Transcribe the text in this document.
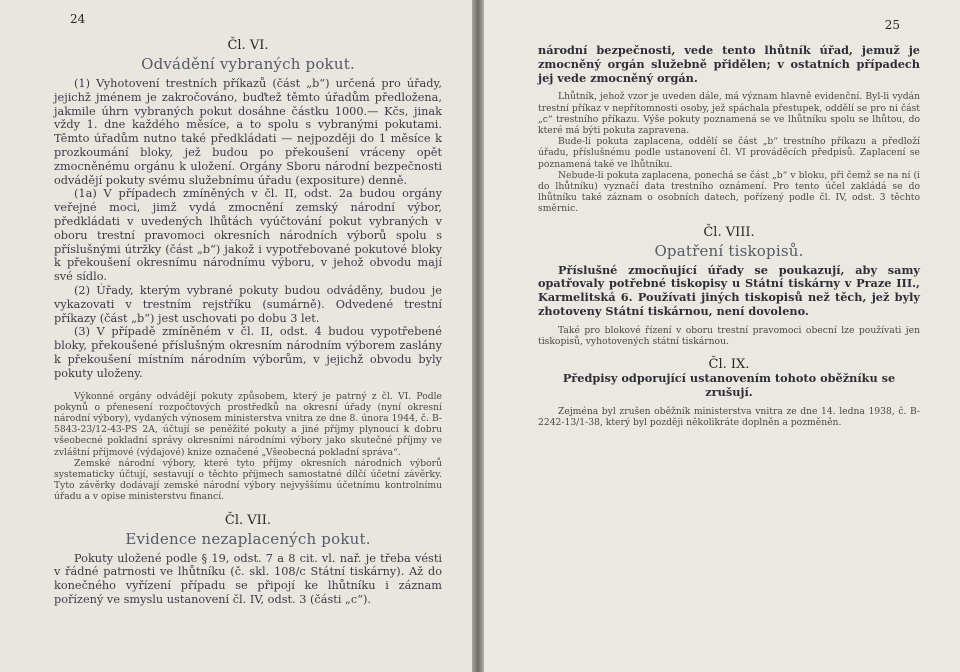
24

Čl. VI.

Odvádění vybraných pokut.

(1) Vyhotovení trestních příkazů (část „b“) určená pro úřady, jejichž jménem je zakročováno, buďtež těmto úřadům předložena, jakmile úhrn vybraných pokut dosáhne částku 1000.— Kčs, jinak vždy 1. dne každého měsíce, a to spolu s vybranými pokutami. Těmto úřadům nutno také předkládati — nejpozději do 1 měsíce k prozkoumání bloky, jež budou po překoušení vráceny opět zmocněnému orgánu k uložení. Orgány Sboru národní bezpečnosti odvádějí pokuty svému služebnímu úřadu (expositure) denně.

(1a) V případech zmíněných v čl. II, odst. 2a budou orgány veřejné moci, jimž vydá zmocnění zemský národní výbor, předkládati v uvedených lhůtách vyúčtování pokut vybraných v oboru trestní pravomoci okresních národních výborů spolu s příslušnými útržky (část „b“) jakož i vypotřebované pokutové bloky k překoušení okresnímu národnímu výboru, v jehož obvodu mají své sídlo.

(2) Úřady, kterým vybrané pokuty budou odváděny, budou je vykazovati v trestním rejstříku (sumárně). Odvedené trestní příkazy (část „b“) jest uschovati po dobu 3 let.

(3) V případě zmíněném v čl. II, odst. 4 budou vypotřebené bloky, překoušené příslušným okresním národním výborem zaslány k překoušení místním národním výborům, v jejichž obvodu byly pokuty uloženy.

Výkonné orgány odvádějí pokuty způsobem, který je patrný z čl. VI. Podle pokynů o přenesení rozpočtových prostředků na okresní úřady (nyní okresní národní výbory), vydaných výnosem ministerstva vnitra ze dne 8. února 1944, č. B-5843-23/12-43-PS 2A, účtují se peněžité pokuty a jiné příjmy plynoucí k dobru všeobecné pokladní správy okresními národními výbory jako skutečné příjmy ve zvláštní příjmové (výdajové) knize označené „Všeobecná pokladní správa“.

Zemské národní výbory, které tyto příjmy okresních národních výborů systematicky účtují, sestavují o těchto příjmech samostatné dílčí účetní závěrky. Tyto závěrky dodávají zemské národní výbory nejvyššímu účetnímu kontrolnímu úřadu a v opise ministerstvu financí.

Čl. VII.

Evidence nezaplacených pokut.

Pokuty uložené podle § 19, odst. 7 a 8 cit. vl. nař. je třeba vésti v řádné patrnosti ve lhůtníku (č. skl. 108/c Státní tiskárny). Až do konečného vyřízení případu se připojí ke lhůtníku i záznam pořízený ve smyslu ustanovení čl. IV, odst. 3 (části „c“).

25

národní bezpečnosti, vede tento lhůtník úřad, jemuž je zmocněný orgán služebně přidělen; v ostatních případech jej vede zmocněný orgán.

Lhůtník, jehož vzor je uveden dále, má význam hlavně evidenční. Byl-li vydán trestní příkaz v nepřítomnosti osoby, jež spáchala přestupek, oddělí se pro ni část „c“ trestního příkazu. Výše pokuty poznamená se ve lhůtníku spolu se lhůtou, do které má býti pokuta zapravena.

Bude-li pokuta zaplacena, oddělí se část „b“ trestního příkazu a předloží úřadu, příslušnému podle ustanovení čl. VI prováděcích předpisů. Zaplacení se poznamená také ve lhůtníku.

Nebude-li pokuta zaplacena, ponechá se část „b“ v bloku, při čemž se na ní (i do lhůtníku) vyznačí data trestního oznámení. Pro tento účel zakládá se do lhůtníku také záznam o osobních datech, pořízený podle čl. IV, odst. 3 těchto směrnic.

Čl. VIII.

Opatření tiskopisů.

Příslušné zmocňující úřady se poukazují, aby samy opatřovaly potřebné tiskopisy u Státní tiskárny v Praze III., Karmelitská 6. Používati jiných tiskopisů než těch, jež byly zhotoveny Státní tiskárnou, není dovoleno.

Také pro blokové řízení v oboru trestní pravomoci obecní lze používati jen tiskopisů, vyhotovených státní tiskárnou.

Čl. IX.

Předpisy odporující ustanovením tohoto oběžníku se zrušují.

Zejména byl zrušen oběžník ministerstva vnitra ze dne 14. ledna 1938, č. B-2242-13/1-38, který byl později několikráte doplněn a pozměněn.
